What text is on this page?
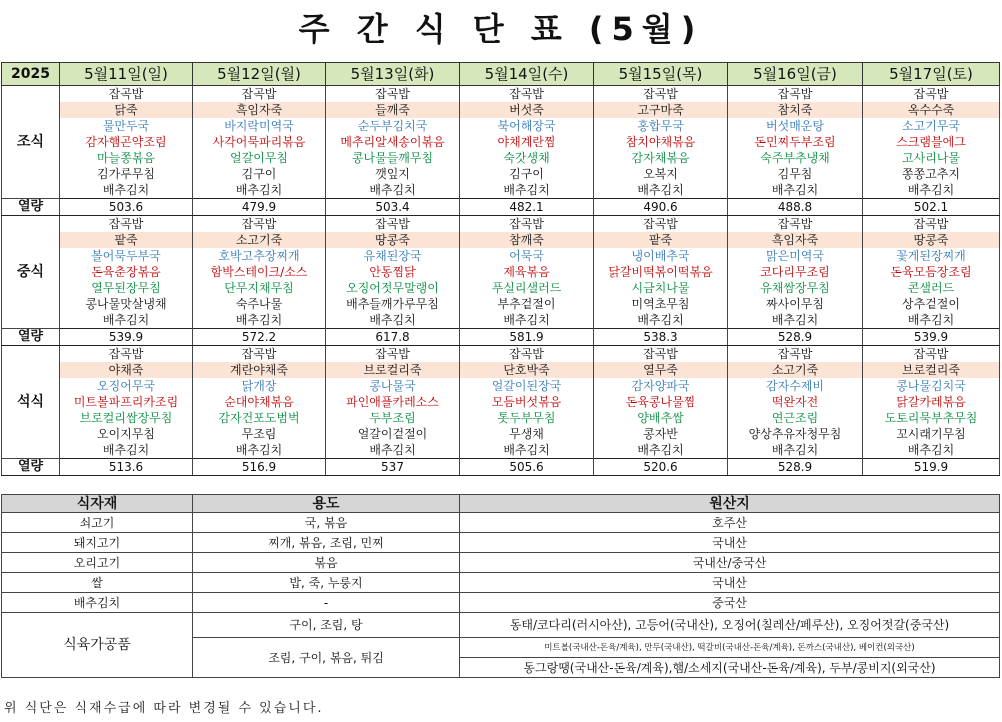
주 간 식 단 표 (5월)
2025	5월11일(일)	5월12일(월)	5월13일(화)	5월14일(수)	5월15일(목)	5월16일(금)	5월17일(토)
조식	잡곡밥	잡곡밥	잡곡밥	잡곡밥	잡곡밥	잡곡밥	잡곡밥
	닭죽	흑임자죽	들깨죽	버섯죽	고구마죽	참치죽	옥수수죽
	물만두국	바지락미역국	순두부김치국	북어해장국	홍합무국	버섯매운탕	소고기무국
	감자햄곤약조림	사각어묵파리볶음	메추리알새송이볶음	야채계란찜	참치야채볶음	돈민찌두부조림	스크램블에그
	마늘쫑볶음	얼갈이무침	콩나물들깨무침	숙갓생채	감자채볶음	숙주부추냉채	고사리나물
	김가루무침	김구이	깻잎지	김구이	오복지	김무침	쫑쫑고추지
	배추김치	배추김치	배추김치	배추김치	배추김치	배추김치	배추김치
열량	503.6	479.9	503.4	482.1	490.6	488.8	502.1
중식	잡곡밥	잡곡밥	잡곡밥	잡곡밥	잡곡밥	잡곡밥	잡곡밥
	팥죽	소고기죽	땅콩죽	참깨죽	팥죽	흑임자죽	땅콩죽
	볼어묵두부국	호박고추장찌개	유채된장국	어묵국	냉이배추국	맑은미역국	꽃게된장찌개
	돈육춘장볶음	함박스테이크/소스	안동찜닭	제육볶음	닭갈비떡볶이떡볶음	코다리무조림	돈육모듬장조림
	열무된장무침	단무지채무침	오징어젓무말랭이	푸실리샐러드	시금치나물	유채쌈장무침	콘샐러드
	콩나물맛살냉채	숙주나물	배추들깨가루무침	부추겉절이	미역초무침	짜사이무침	상추겉절이
	배추김치	배추김치	배추김치	배추김치	배추김치	배추김치	배추김치
열량	539.9	572.2	617.8	581.9	538.3	528.9	539.9
석식	잡곡밥	잡곡밥	잡곡밥	잡곡밥	잡곡밥	잡곡밥	잡곡밥
	야채죽	계란야채죽	브로컬리죽	단호박죽	열무죽	소고기죽	브로컬리죽
	오징어무국	닭개장	콩나물국	얼갈이된장국	감자양파국	감자수제비	콩나물김치국
	미트볼파프리카조림	순대야채볶음	파인애플카레소스	모듬버섯볶음	돈육콩나물찜	떡완자전	닭갈카레볶음
	브로컬리쌈장무침	감자건포도범벅	두부조림	톳두부무침	양배추쌈	연근조림	도토리묵부추무침
	오이지무침	무조림	얼갈이겉절이	무생채	콩자반	양상추유자청무침	꼬시래기무침
	배추김치	배추김치	배추김치	배추김치	배추김치	배추김치	배추김치
열량	513.6	516.9	537	505.6	520.6	528.9	519.9
식자재	용도	원산지
쇠고기	국, 볶음	호주산
돼지고기	찌개, 볶음, 조림, 민찌	국내산
오리고기	볶음	국내산/중국산
쌀	밥, 죽, 누룽지	국내산
배추김치	-	중국산
식육가공품	구이, 조림, 탕	동태/코다리(러시아산), 고등어(국내산), 오징어(칠레산/페루산), 오징어젓갈(중국산)
	조림, 구이, 볶음, 튀김	미트볼(국내산-돈육/계육), 만두(국내산), 떡갈비(국내산-돈육/계육), 돈까스(국내산), 베이컨(외국산)
		동그랑땡(국내산-돈육/계육),햄/소세지(국내산-돈육/계육), 두부/콩비지(외국산)
위 식단은 식재수급에 따라 변경될 수 있습니다.
